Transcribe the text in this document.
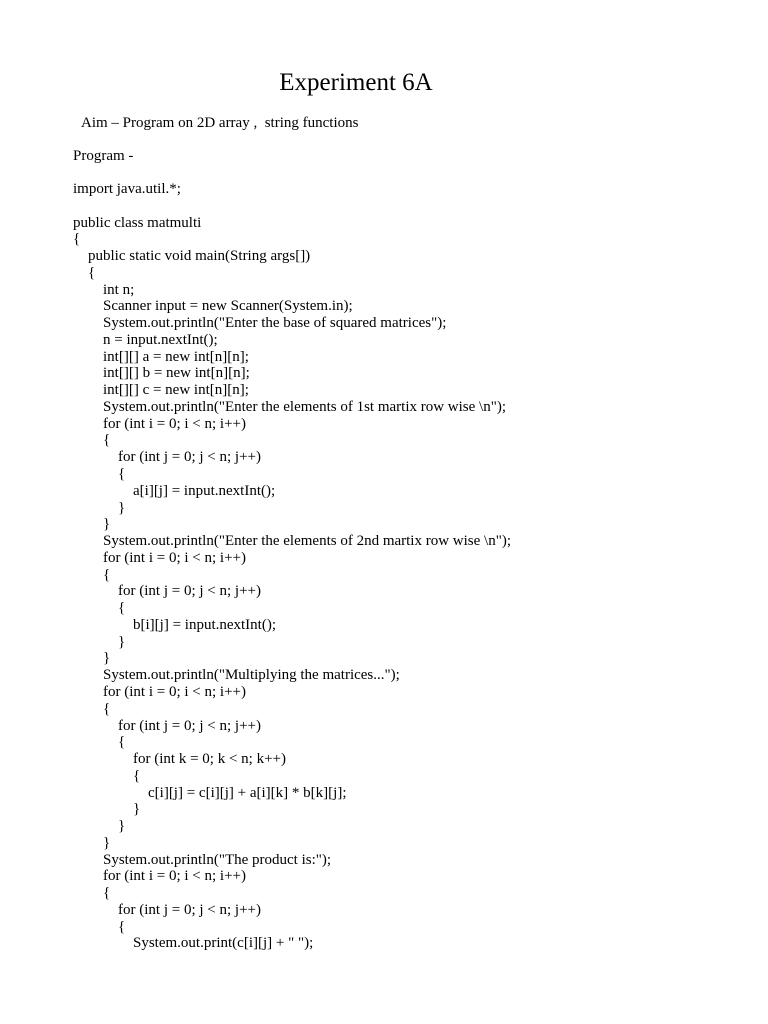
Experiment 6A
Aim – Program on 2D array ,  string functions
Program -
import java.util.*;
public class matmulti
{
public static void main(String args[])
{
int n;
Scanner input = new Scanner(System.in);
System.out.println("Enter the base of squared matrices");
n = input.nextInt();
int[][] a = new int[n][n];
int[][] b = new int[n][n];
int[][] c = new int[n][n];
System.out.println("Enter the elements of 1st martix row wise \n");
for (int i = 0; i < n; i++)
{
for (int j = 0; j < n; j++)
{
a[i][j] = input.nextInt();
}
}
System.out.println("Enter the elements of 2nd martix row wise \n");
for (int i = 0; i < n; i++)
{
for (int j = 0; j < n; j++)
{
b[i][j] = input.nextInt();
}
}
System.out.println("Multiplying the matrices...");
for (int i = 0; i < n; i++)
{
for (int j = 0; j < n; j++)
{
for (int k = 0; k < n; k++)
{
c[i][j] = c[i][j] + a[i][k] * b[k][j];
}
}
}
System.out.println("The product is:");
for (int i = 0; i < n; i++)
{
for (int j = 0; j < n; j++)
{
System.out.print(c[i][j] + " ");
